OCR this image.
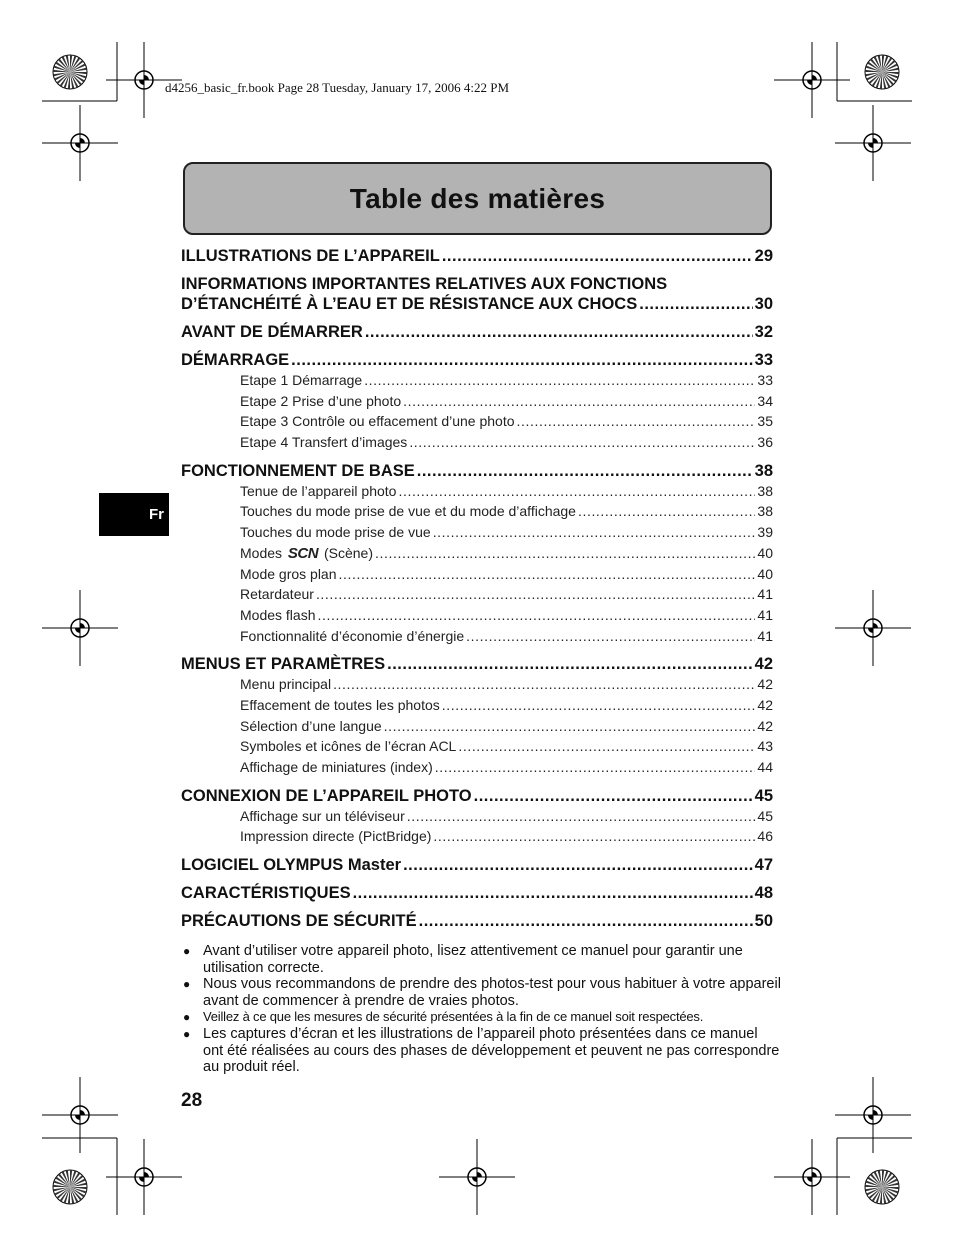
d4256_basic_fr.book Page 28 Tuesday, January 17, 2006 4:22 PM
Table des matières
Fr
ILLUSTRATIONS DE L’APPAREIL .....	29
INFORMATIONS IMPORTANTES RELATIVES AUX FONCTIONS
D’ÉTANCHÉITÉ À L’EAU ET DE RÉSISTANCE AUX CHOCS .....	30
AVANT DE DÉMARRER .....	32
DÉMARRAGE .....	33
Etape 1 Démarrage .....	33
Etape 2 Prise d’une photo .....	34
Etape 3 Contrôle ou effacement d’une photo .....	35
Etape 4 Transfert d’images .....	36
FONCTIONNEMENT DE BASE .....	38
Tenue de l’appareil photo .....	38
Touches du mode prise de vue et du mode d’affichage .....	38
Touches du mode prise de vue .....	39
Modes SCN (Scène) .....	40
Mode gros plan .....	40
Retardateur .....	41
Modes flash .....	41
Fonctionnalité d’économie d’énergie .....	41
MENUS ET PARAMÈTRES .....	42
Menu principal .....	42
Effacement de toutes les photos .....	42
Sélection d’une langue .....	42
Symboles et icônes de l’écran ACL .....	43
Affichage de miniatures (index) .....	44
CONNEXION DE L’APPAREIL PHOTO .....	45
Affichage sur un téléviseur .....	45
Impression directe (PictBridge) .....	46
LOGICIEL OLYMPUS Master .....	47
CARACTÉRISTIQUES .....	48
PRÉCAUTIONS DE SÉCURITÉ .....	50
● Avant d’utiliser votre appareil photo, lisez attentivement ce manuel pour garantir une utilisation correcte.
● Nous vous recommandons de prendre des photos-test pour vous habituer à votre appareil avant de commencer à prendre de vraies photos.
● Veillez à ce que les mesures de sécurité présentées à la fin de ce manuel soit respectées.
● Les captures d’écran et les illustrations de l’appareil photo présentées dans ce manuel ont été réalisées au cours des phases de développement et peuvent ne pas correspondre au produit réel.
28
